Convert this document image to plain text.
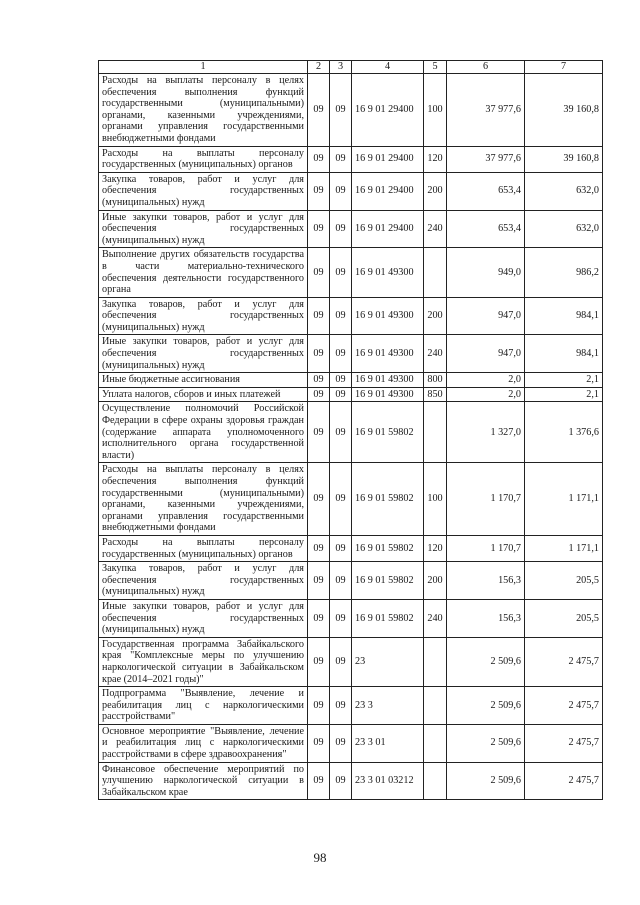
1	2	3	4	5	6	7
Расходы на выплаты персоналу в целях обеспечения выполнения функций государственными (муниципальными) органами, казенными учреждениями, органами управления государственными внебюджетными фондами	09	09	16 9 01 29400	100	37 977,6	39 160,8
Расходы на выплаты персоналу государственных (муниципальных) органов	09	09	16 9 01 29400	120	37 977,6	39 160,8
Закупка товаров, работ и услуг для обеспечения государственных (муниципальных) нужд	09	09	16 9 01 29400	200	653,4	632,0
Иные закупки товаров, работ и услуг для обеспечения государственных (муниципальных) нужд	09	09	16 9 01 29400	240	653,4	632,0
Выполнение других обязательств государства в части материально-технического обеспечения деятельности государственного органа	09	09	16 9 01 49300		949,0	986,2
Закупка товаров, работ и услуг для обеспечения государственных (муниципальных) нужд	09	09	16 9 01 49300	200	947,0	984,1
Иные закупки товаров, работ и услуг для обеспечения государственных (муниципальных) нужд	09	09	16 9 01 49300	240	947,0	984,1
Иные бюджетные ассигнования	09	09	16 9 01 49300	800	2,0	2,1
Уплата налогов, сборов и иных платежей	09	09	16 9 01 49300	850	2,0	2,1
Осуществление полномочий Российской Федерации в сфере охраны здоровья граждан (содержание аппарата уполномоченного исполнительного органа государственной власти)	09	09	16 9 01 59802		1 327,0	1 376,6
Расходы на выплаты персоналу в целях обеспечения выполнения функций государственными (муниципальными) органами, казенными учреждениями, органами управления государственными внебюджетными фондами	09	09	16 9 01 59802	100	1 170,7	1 171,1
Расходы на выплаты персоналу государственных (муниципальных) органов	09	09	16 9 01 59802	120	1 170,7	1 171,1
Закупка товаров, работ и услуг для обеспечения государственных (муниципальных) нужд	09	09	16 9 01 59802	200	156,3	205,5
Иные закупки товаров, работ и услуг для обеспечения государственных (муниципальных) нужд	09	09	16 9 01 59802	240	156,3	205,5
Государственная программа Забайкальского края "Комплексные меры по улучшению наркологической ситуации в Забайкальском крае (2014–2021 годы)"	09	09	23		2 509,6	2 475,7
Подпрограмма "Выявление, лечение и реабилитация лиц с наркологическими расстройствами"	09	09	23 3		2 509,6	2 475,7
Основное мероприятие "Выявление, лечение и реабилитация лиц с наркологическими расстройствами в сфере здравоохранения"	09	09	23 3 01		2 509,6	2 475,7
Финансовое обеспечение мероприятий по улучшению наркологической ситуации в Забайкальском крае	09	09	23 3 01 03212		2 509,6	2 475,7
98
